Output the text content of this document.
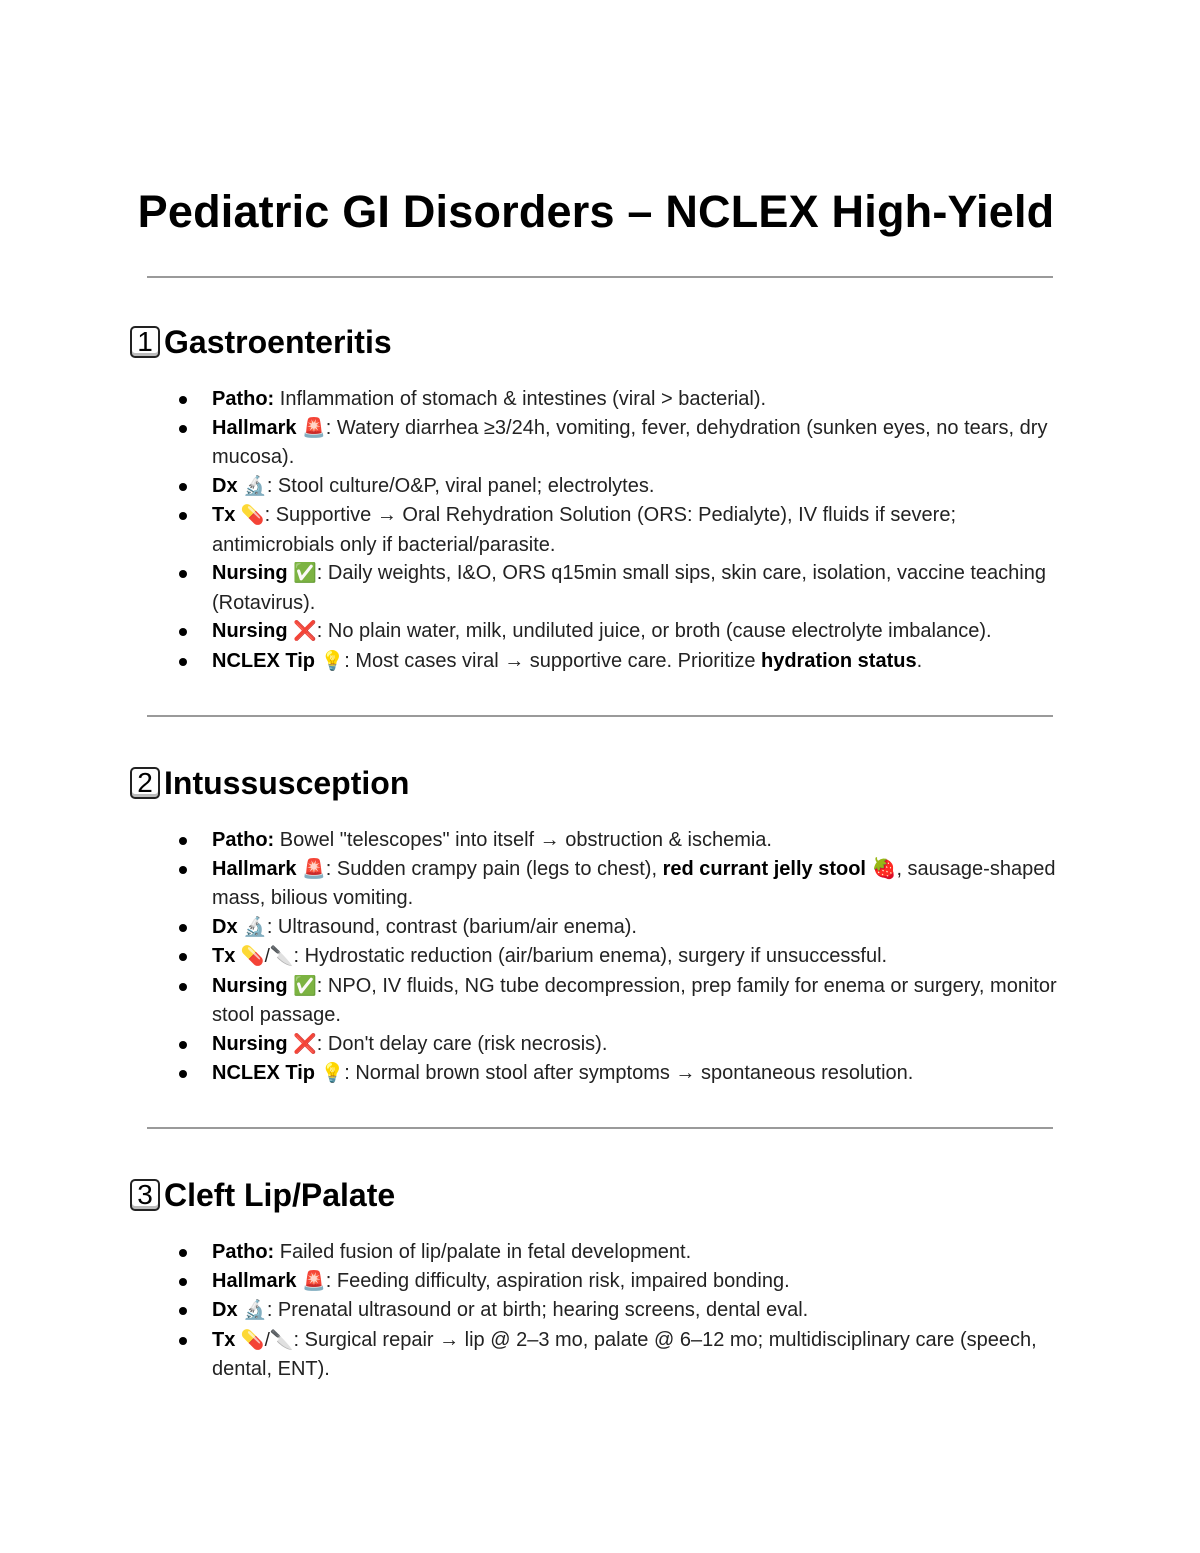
Pediatric GI Disorders – NCLEX High-Yield
1 Gastroenteritis
Patho: Inflammation of stomach & intestines (viral > bacterial).
Hallmark 🚨: Watery diarrhea ≥3/24h, vomiting, fever, dehydration (sunken eyes, no tears, dry mucosa).
Dx 🔬: Stool culture/O&P, viral panel; electrolytes.
Tx 💊: Supportive → Oral Rehydration Solution (ORS: Pedialyte), IV fluids if severe; antimicrobials only if bacterial/parasite.
Nursing ✅: Daily weights, I&O, ORS q15min small sips, skin care, isolation, vaccine teaching (Rotavirus).
Nursing ❌: No plain water, milk, undiluted juice, or broth (cause electrolyte imbalance).
NCLEX Tip 💡: Most cases viral → supportive care. Prioritize hydration status.
2 Intussusception
Patho: Bowel "telescopes" into itself → obstruction & ischemia.
Hallmark 🚨: Sudden crampy pain (legs to chest), red currant jelly stool 🍓, sausage-shaped mass, bilious vomiting.
Dx 🔬: Ultrasound, contrast (barium/air enema).
Tx 💊/🔪: Hydrostatic reduction (air/barium enema), surgery if unsuccessful.
Nursing ✅: NPO, IV fluids, NG tube decompression, prep family for enema or surgery, monitor stool passage.
Nursing ❌: Don't delay care (risk necrosis).
NCLEX Tip 💡: Normal brown stool after symptoms → spontaneous resolution.
3 Cleft Lip/Palate
Patho: Failed fusion of lip/palate in fetal development.
Hallmark 🚨: Feeding difficulty, aspiration risk, impaired bonding.
Dx 🔬: Prenatal ultrasound or at birth; hearing screens, dental eval.
Tx 💊/🔪: Surgical repair → lip @ 2–3 mo, palate @ 6–12 mo; multidisciplinary care (speech, dental, ENT).
